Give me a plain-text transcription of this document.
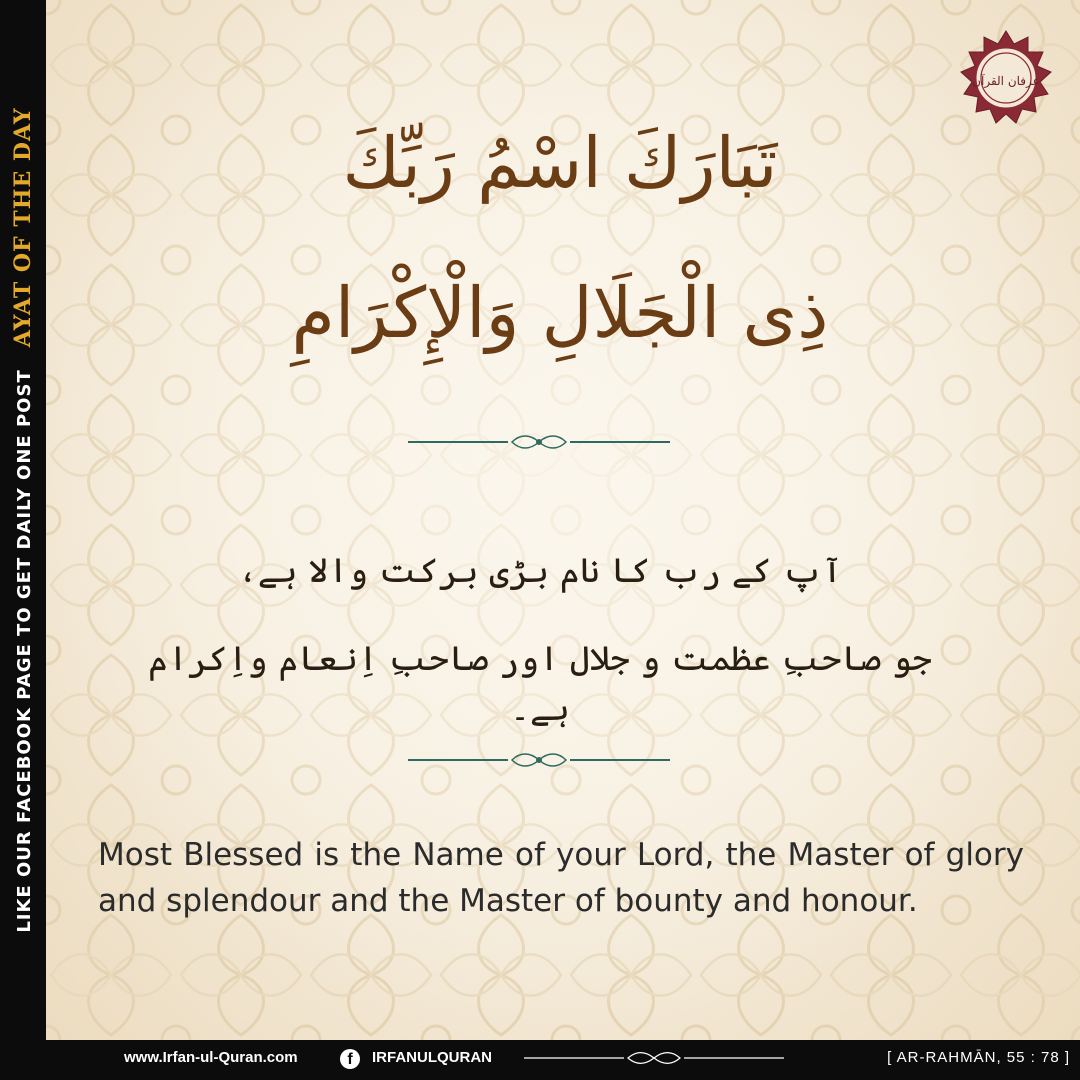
LIKE OUR FACEBOOK PAGE TO GET DAILY ONE POSTAYAT OF THE DAY
عرفان القرآن
تَبَارَكَ اسْمُ رَبِّكَ
ذِى الْجَلَالِ وَالْإِكْرَامِ
آپ کے رب کا نام بڑی برکت والا ہے،
جو صاحبِ عظمت و جلال اور صاحبِ اِنعام واِکرام ہے۔
Most Blessed is the Name of your Lord, the Master of glory and splendour and the Master of bounty and honour.
www.Irfan-ul-Quran.com	f	IRFANULQURAN	[ AR-RAHMĀN, 55 : 78 ]
